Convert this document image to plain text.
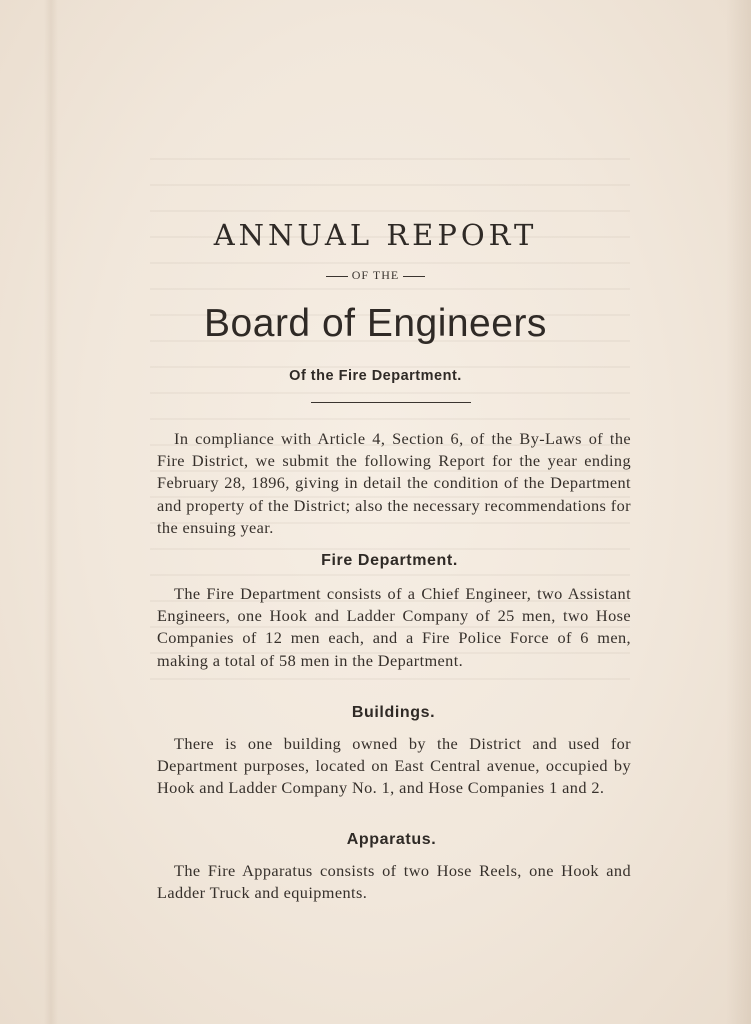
ANNUAL REPORT
OF THE
Board of Engineers
Of the Fire Department.

In compliance with Article 4, Section 6, of the By-Laws of the Fire District, we submit the following Report for the year ending February 28, 1896, giving in detail the condition of the Department and property of the District; also the necessary recommendations for the ensuing year.

Fire Department.

The Fire Department consists of a Chief Engineer, two Assistant Engineers, one Hook and Ladder Company of 25 men, two Hose Companies of 12 men each, and a Fire Police Force of 6 men, making a total of 58 men in the Department.

Buildings.

There is one building owned by the District and used for Department purposes, located on East Central avenue, occupied by Hook and Ladder Company No. 1, and Hose Companies 1 and 2.

Apparatus.

The Fire Apparatus consists of two Hose Reels, one Hook and Ladder Truck and equipments.
